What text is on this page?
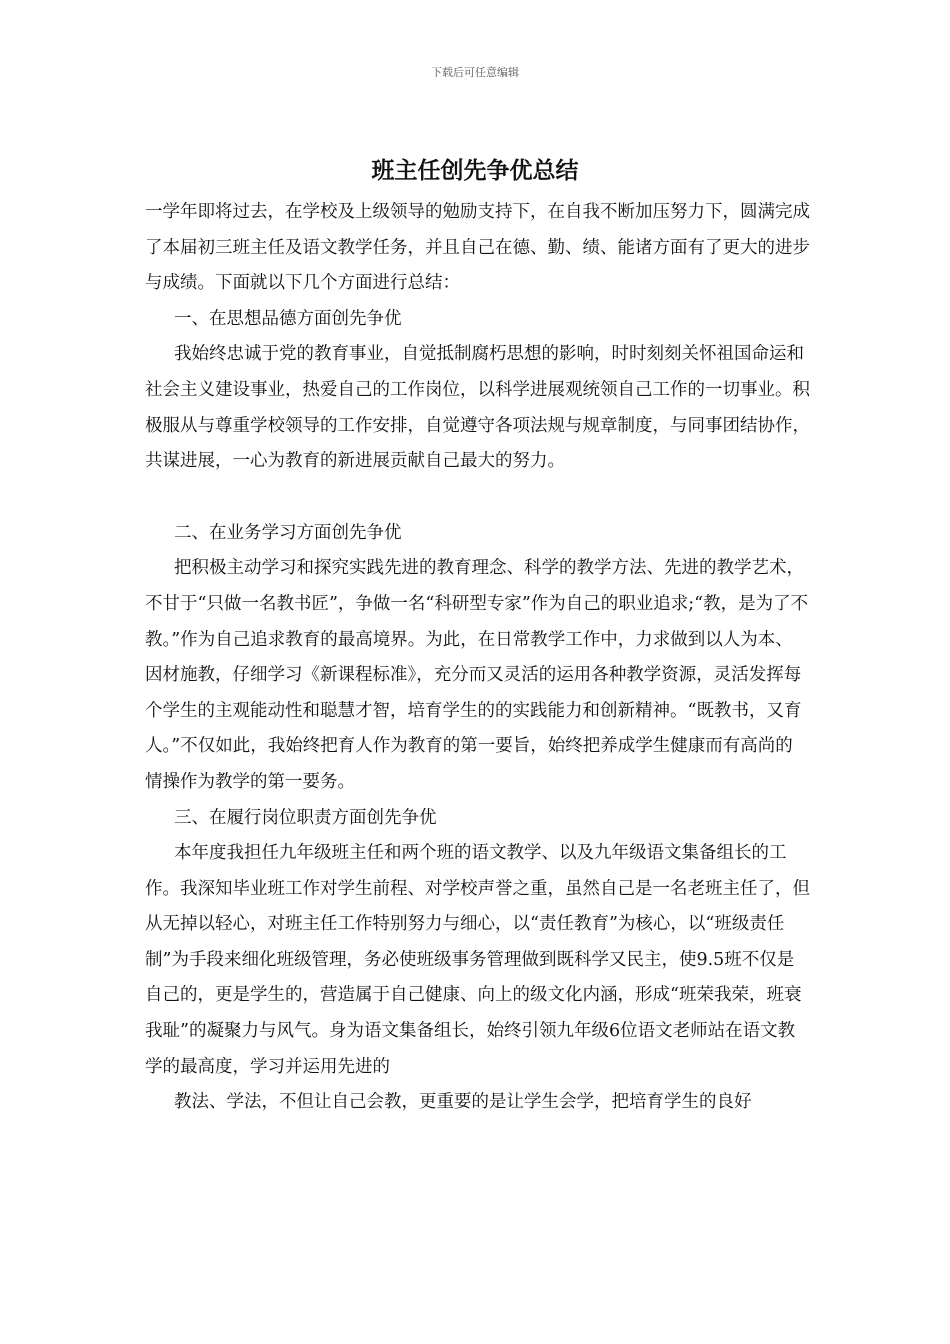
下载后可任意编辑
班主任创先争优总结

一学年即将过去，在学校及上级领导的勉励支持下，在自我不断加压努力下，圆满完成了本届初三班主任及语文教学任务，并且自己在德、勤、绩、能诸方面有了更大的进步与成绩。下面就以下几个方面进行总结：

一、在思想品德方面创先争优

我始终忠诚于党的教育事业，自觉抵制腐朽思想的影响，时时刻刻关怀祖国命运和社会主义建设事业，热爱自己的工作岗位，以科学进展观统领自己工作的一切事业。积极服从与尊重学校领导的工作安排，自觉遵守各项法规与规章制度，与同事团结协作，共谋进展，一心为教育的新进展贡献自己最大的努力。

二、在业务学习方面创先争优

把积极主动学习和探究实践先进的教育理念、科学的教学方法、先进的教学艺术，不甘于“只做一名教书匠”，争做一名“科研型专家”作为自己的职业追求;“教，是为了不教。”作为自己追求教育的最高境界。为此，在日常教学工作中，力求做到以人为本、因材施教，仔细学习《新课程标准》，充分而又灵活的运用各种教学资源，灵活发挥每个学生的主观能动性和聪慧才智，培育学生的的实践能力和创新精神。“既教书，又育人。”不仅如此，我始终把育人作为教育的第一要旨，始终把养成学生健康而有高尚的情操作为教学的第一要务。

三、在履行岗位职责方面创先争优

本年度我担任九年级班主任和两个班的语文教学、以及九年级语文集备组长的工作。我深知毕业班工作对学生前程、对学校声誉之重，虽然自己是一名老班主任了，但从无掉以轻心，对班主任工作特别努力与细心，以“责任教育”为核心，以“班级责任制”为手段来细化班级管理，务必使班级事务管理做到既科学又民主，使9.5班不仅是自己的，更是学生的，营造属于自己健康、向上的级文化内涵，形成“班荣我荣，班衰我耻”的凝聚力与风气。身为语文集备组长，始终引领九年级6位语文老师站在语文教学的最高度，学习并运用先进的

教法、学法，不但让自己会教，更重要的是让学生会学，把培育学生的良好
